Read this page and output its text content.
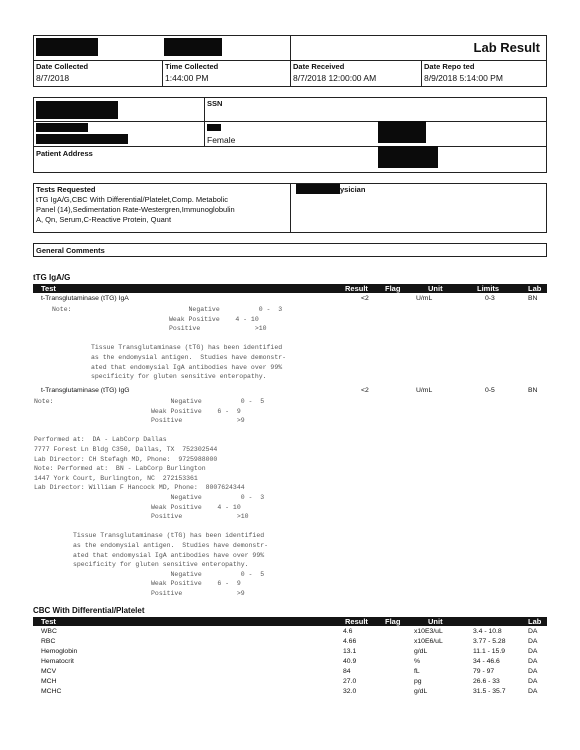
Lab Result
Date Collected
8/7/2018
Time Collected
1:44:00 PM
Date Received
8/7/2018 12:00:00 AM
Date Repo ted
8/9/2018 5:14:00 PM
SSN
Female
Patient Address
Tests Requested
tTG IgA/G,CBC With Differential/Platelet,Comp. Metabolic
Panel (14),Sedimentation Rate-Westergren,Immunoglobulin
A, Qn, Serum,C-Reactive Protein, Quant
ysician
General Comments
tTG IgA/G
Test	Result Flag	Unit	Limits	Lab
t-Transglutaminase (tTG) IgA	<2	U/mL	0-3	BN
Note:                              Negative          0 -  3
Weak Positive    4 - 10
Positive              >10

Tissue Transglutaminase (tTG) has been identified
as the endomysial antigen.  Studies have demonstr-
ated that endomysial IgA antibodies have over 99%
specificity for gluten sensitive enteropathy.
t-Transglutaminase (tTG) IgG	<2	U/mL	0-5	BN
Note:                              Negative          0 -  5
Weak Positive    6 -  9
Positive              >9

Performed at:  DA - LabCorp Dallas
7777 Forest Ln Bldg C350, Dallas, TX  752302544
Lab Director: CH Stefagh MD, Phone:  9725988000
Note: Performed at:  BN - LabCorp Burlington
1447 York Court, Burlington, NC  272153361
Lab Director: William F Hancock MD, Phone:  8007624344
Negative          0 -  3
Weak Positive    4 - 10
Positive              >10

Tissue Transglutaminase (tTG) has been identified
as the endomysial antigen.  Studies have demonstr-
ated that endomysial IgA antibodies have over 99%
specificity for gluten sensitive enteropathy.
Negative          0 -  5
Weak Positive    6 -  9
Positive              >9
CBC With Differential/Platelet
Test	Result Flag	Unit	Lab
WBC	4.6	x10E3/uL	3.4 - 10.8	DA
RBC	4.66	x10E6/uL	3.77 - 5.28	DA
Hemoglobin	13.1	g/dL	11.1 - 15.9	DA
Hematocrit	40.9	%	34 - 46.6	DA
MCV	84	fL	79 - 97	DA
MCH	27.0	pg	26.6 - 33	DA
MCHC	32.0	g/dL	31.5 - 35.7	DA
